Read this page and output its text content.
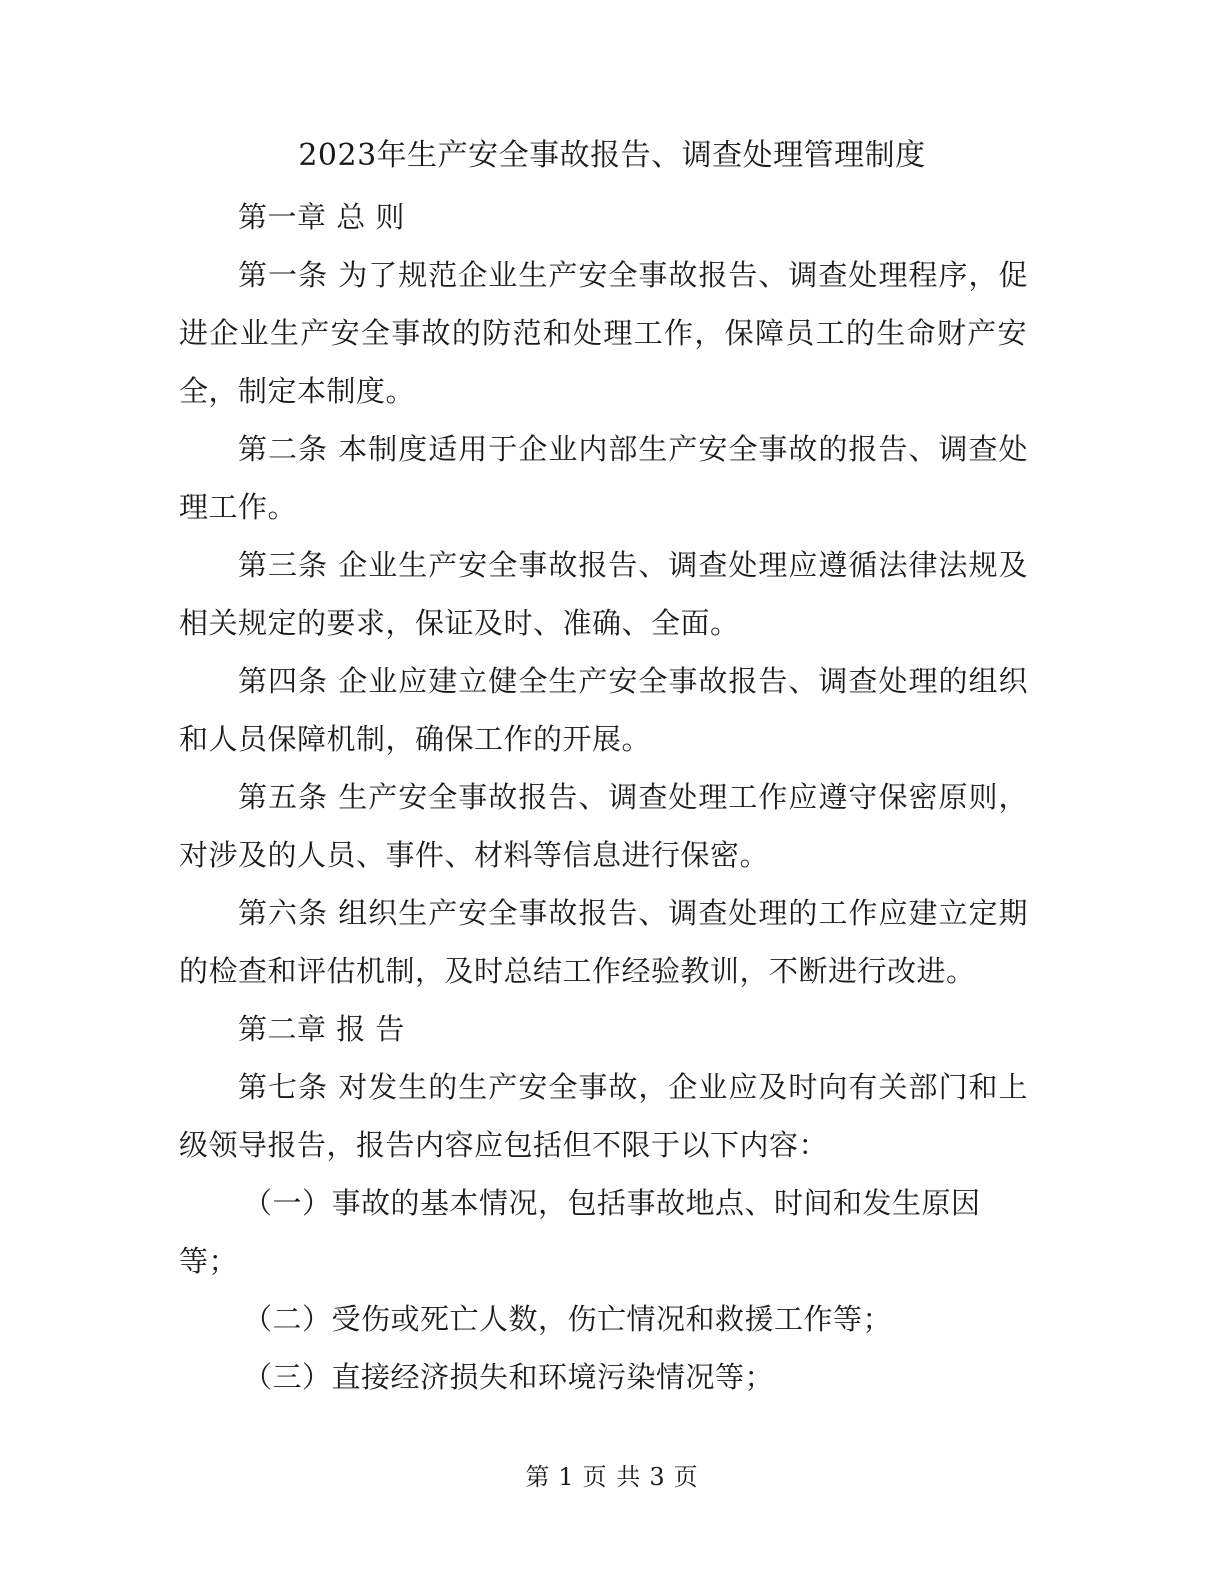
2023年生产安全事故报告、调查处理管理制度
第一章 总 则
第一条 为了规范企业生产安全事故报告、调查处理程序，促
进企业生产安全事故的防范和处理工作，保障员工的生命财产安
全，制定本制度。
第二条 本制度适用于企业内部生产安全事故的报告、调查处
理工作。
第三条 企业生产安全事故报告、调查处理应遵循法律法规及
相关规定的要求，保证及时、准确、全面。
第四条 企业应建立健全生产安全事故报告、调查处理的组织
和人员保障机制，确保工作的开展。
第五条 生产安全事故报告、调查处理工作应遵守保密原则，
对涉及的人员、事件、材料等信息进行保密。
第六条 组织生产安全事故报告、调查处理的工作应建立定期
的检查和评估机制，及时总结工作经验教训，不断进行改进。
第二章 报 告
第七条 对发生的生产安全事故，企业应及时向有关部门和上
级领导报告，报告内容应包括但不限于以下内容：
（一）事故的基本情况，包括事故地点、时间和发生原因
等；
（二）受伤或死亡人数，伤亡情况和救援工作等；
（三）直接经济损失和环境污染情况等；
第 1 页 共 3 页
